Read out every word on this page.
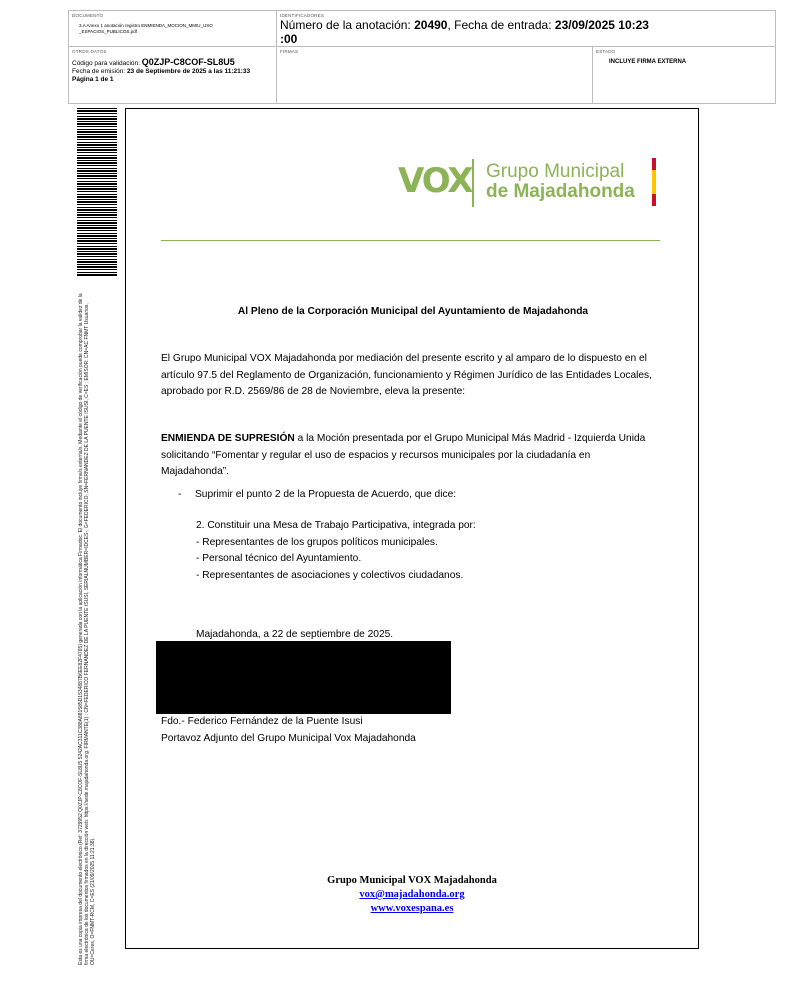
DOCUMENTO
3.A Anexo 1 anotación registro ENMIENDA_MOCION_MMIU_USO _ESPACIOS_PUBLICOS.pdf
IDENTIFICADORES
Número de la anotación: 20490, Fecha de entrada: 23/09/2025 10:23
:00
OTROS DATOS
Código para validación: Q0ZJP-C8COF-SL8U5
Fecha de emisión: 23 de Septiembre de 2025 a las 11:21:33
Página 1 de 1
FIRMAS	ESTADO
INCLUYE FIRMA EXTERNA
Esta es una copia impresa del documento electrónico (Ref: 3729952 Q0ZJP-C8COF-SL8U5 5242AC311C388A881585D1534887B6EE82F4765) generada con la aplicación informática Firmadoc. El documento incluye firma/s externa/s. Mediante el código de verificación puede comprobar la validez de la firma electrónica de los documentos firmados en la dirección web: https://sede.majadahonda.org. FIRMANTE(1) : CN=FEDERICO FERNANDEZ DE LA PUENTE ISUSI, SERIALNUMBER=IDCES-, G=FEDERICO, SN=FERNANDEZ DE LA PUENTE ISUSI, C=ES ; EMISOR: CN=AC FNMT Usuarios, OU=Ceres, O=FNMT-RCM, C=ES (21/09/2025 11:21:38).
VOX Grupo Municipal
de Majadahonda
Al Pleno de la Corporación Municipal del Ayuntamiento de Majadahonda
El Grupo Municipal VOX Majadahonda por mediación del presente escrito y al amparo de lo dispuesto en el
artículo 97.5 del Reglamento de Organización, funcionamiento y Régimen Jurídico de las Entidades Locales,
aprobado por R.D. 2569/86 de 28 de Noviembre, eleva la presente:
ENMIENDA DE SUPRESIÓN a la Moción presentada por el Grupo Municipal Más Madrid - Izquierda Unida
solicitando “Fomentar y regular el uso de espacios y recursos municipales por la ciudadanía en
Majadahonda”.
- Suprimir el punto 2 de la Propuesta de Acuerdo, que dice:
2. Constituir una Mesa de Trabajo Participativa, integrada por:
- Representantes de los grupos políticos municipales.
- Personal técnico del Ayuntamiento.
- Representantes de asociaciones y colectivos ciudadanos.
Majadahonda, a 22 de septiembre de 2025.
Fdo.- Federico Fernández de la Puente Isusi
Portavoz Adjunto del Grupo Municipal Vox Majadahonda
Grupo Municipal VOX Majadahonda
vox@majadahonda.org
www.voxespana.es
